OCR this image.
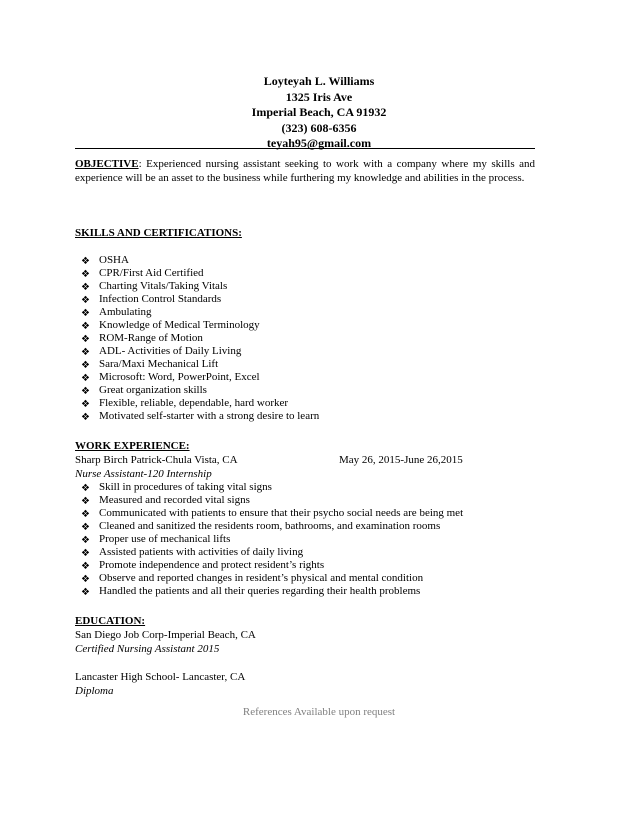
Loyteyah L. Williams
1325 Iris Ave
Imperial Beach, CA 91932
(323) 608-6356
teyah95@gmail.com
OBJECTIVE: Experienced nursing assistant seeking to work with a company where my skills and experience will be an asset to the business while furthering my knowledge and abilities in the process.
SKILLS AND CERTIFICATIONS:
❖ OSHA
❖ CPR/First Aid Certified
❖ Charting Vitals/Taking Vitals
❖ Infection Control Standards
❖ Ambulating
❖ Knowledge of Medical Terminology
❖ ROM-Range of Motion
❖ ADL- Activities of Daily Living
❖ Sara/Maxi Mechanical Lift
❖ Microsoft: Word, PowerPoint, Excel
❖ Great organization skills
❖ Flexible, reliable, dependable, hard worker
❖ Motivated self-starter with a strong desire to learn
WORK EXPERIENCE:
Sharp Birch Patrick-Chula Vista, CA	May 26, 2015-June 26,2015
Nurse Assistant-120 Internship
❖ Skill in procedures of taking vital signs
❖ Measured and recorded vital signs
❖ Communicated with patients to ensure that their psycho social needs are being met
❖ Cleaned and sanitized the residents room, bathrooms, and examination rooms
❖ Proper use of mechanical lifts
❖ Assisted patients with activities of daily living
❖ Promote independence and protect resident’s rights
❖ Observe and reported changes in resident’s physical and mental condition
❖ Handled the patients and all their queries regarding their health problems
EDUCATION:
San Diego Job Corp-Imperial Beach, CA
Certified Nursing Assistant 2015
Lancaster High School- Lancaster, CA
Diploma
References Available upon request
